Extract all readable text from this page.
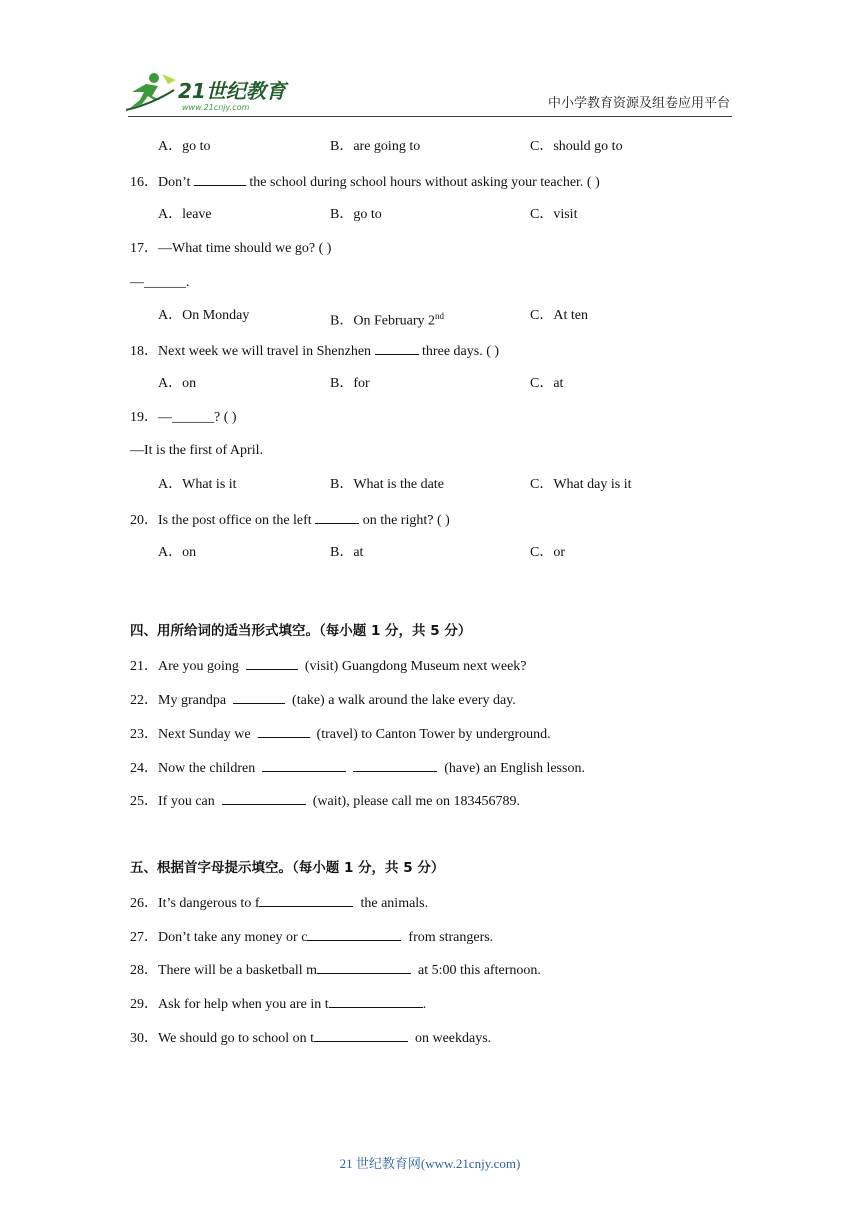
21世纪教育
www.21cnjy.com	中小学教育资源及组卷应用平台
A．go to	B．are going to	C．should go to
16．Don’t	the school during school hours without asking your teacher. ( )
A．leave	B．go to	C．visit
17．—What time should we go? ( )
—______.
A．On Monday	B．On February 2nd	C．At ten
18．Next week we will travel in Shenzhen	three days. ( )
A．on	B．for	C．at
19．—______? ( )
—It is the first of April.
A．What is it	B．What is the date	C．What day is it
20．Is the post office on the left	on the right? ( )
A．on	B．at	C．or
四、用所给词的适当形式填空。（每小题 1 分，共 5 分）
21．Are you going	(visit) Guangdong Museum next week?
22．My grandpa	(take) a walk around the lake every day.
23．Next Sunday we	(travel) to Canton Tower by underground.
24．Now the children	(have) an English lesson.
25．If you can	(wait), please call me on 183456789.
五、根据首字母提示填空。（每小题 1 分，共 5 分）
26．It’s dangerous to f	the animals.
27．Don’t take any money or c	from strangers.
28．There will be a basketball m	at 5:00 this afternoon.
29．Ask for help when you are in t	.
30．We should go to school on t	on weekdays.
21 世纪教育网(www.21cnjy.com)
